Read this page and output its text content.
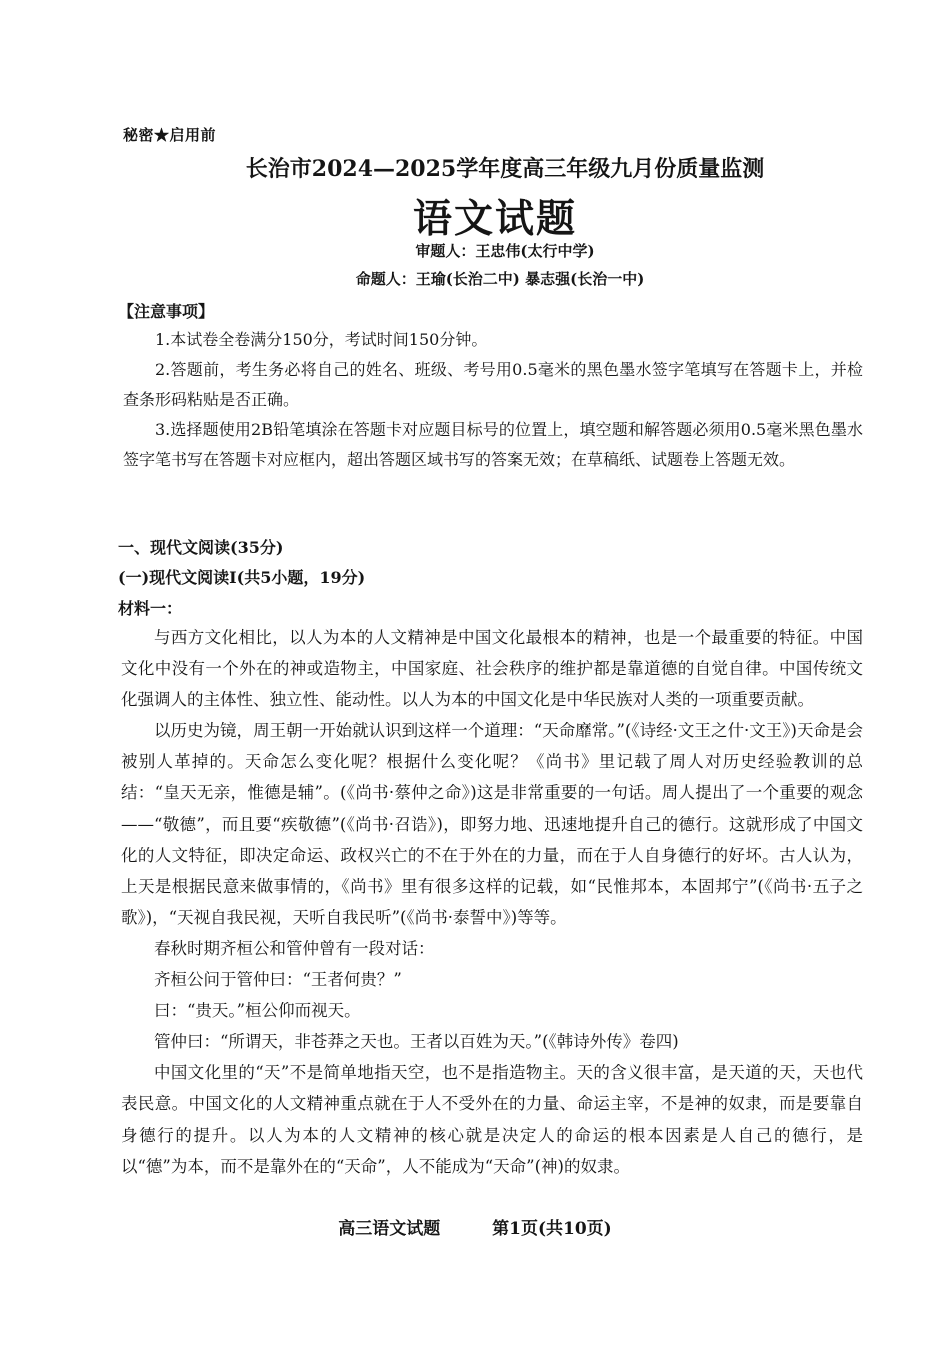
秘密★启用前
长治市2024—2025学年度高三年级九月份质量监测
语文试题
审题人：王忠伟(太行中学)
命题人：王瑜(长治二中) 暴志强(长治一中)
【注意事项】

1.本试卷全卷满分150分，考试时间150分钟。

2.答题前，考生务必将自己的姓名、班级、考号用0.5毫米的黑色墨水签字笔填写在答题卡上，并检查条形码粘贴是否正确。

3.选择题使用2B铅笔填涂在答题卡对应题目标号的位置上，填空题和解答题必须用0.5毫米黑色墨水签字笔书写在答题卡对应框内，超出答题区域书写的答案无效；在草稿纸、试题卷上答题无效。

一、现代文阅读(35分)
(一)现代文阅读Ⅰ(共5小题，19分)
材料一：

与西方文化相比，以人为本的人文精神是中国文化最根本的精神，也是一个最重要的特征。中国文化中没有一个外在的神或造物主，中国家庭、社会秩序的维护都是靠道德的自觉自律。中国传统文化强调人的主体性、独立性、能动性。以人为本的中国文化是中华民族对人类的一项重要贡献。

以历史为镜，周王朝一开始就认识到这样一个道理：“天命靡常。”(《诗经·文王之什·文王》)天命是会被别人革掉的。天命怎么变化呢？根据什么变化呢？《尚书》里记载了周人对历史经验教训的总结：“皇天无亲，惟德是辅”。(《尚书·蔡仲之命》)这是非常重要的一句话。周人提出了一个重要的观念——“敬德”，而且要“疾敬德”(《尚书·召诰》)，即努力地、迅速地提升自己的德行。这就形成了中国文化的人文特征，即决定命运、政权兴亡的不在于外在的力量，而在于人自身德行的好坏。古人认为，上天是根据民意来做事情的，《尚书》里有很多这样的记载，如“民惟邦本，本固邦宁”(《尚书·五子之歌》)，“天视自我民视，天听自我民听”(《尚书·泰誓中》)等等。

春秋时期齐桓公和管仲曾有一段对话：

齐桓公问于管仲曰：“王者何贵？”

曰：“贵天。”桓公仰而视天。

管仲曰：“所谓天，非苍莽之天也。王者以百姓为天。”(《韩诗外传》卷四)

中国文化里的“天”不是简单地指天空，也不是指造物主。天的含义很丰富，是天道的天，天也代表民意。中国文化的人文精神重点就在于人不受外在的力量、命运主宰，不是神的奴隶，而是要靠自身德行的提升。以人为本的人文精神的核心就是决定人的命运的根本因素是人自己的德行，是以“德”为本，而不是靠外在的“天命”，人不能成为“天命”(神)的奴隶。

高三语文试题	第1页(共10页)
